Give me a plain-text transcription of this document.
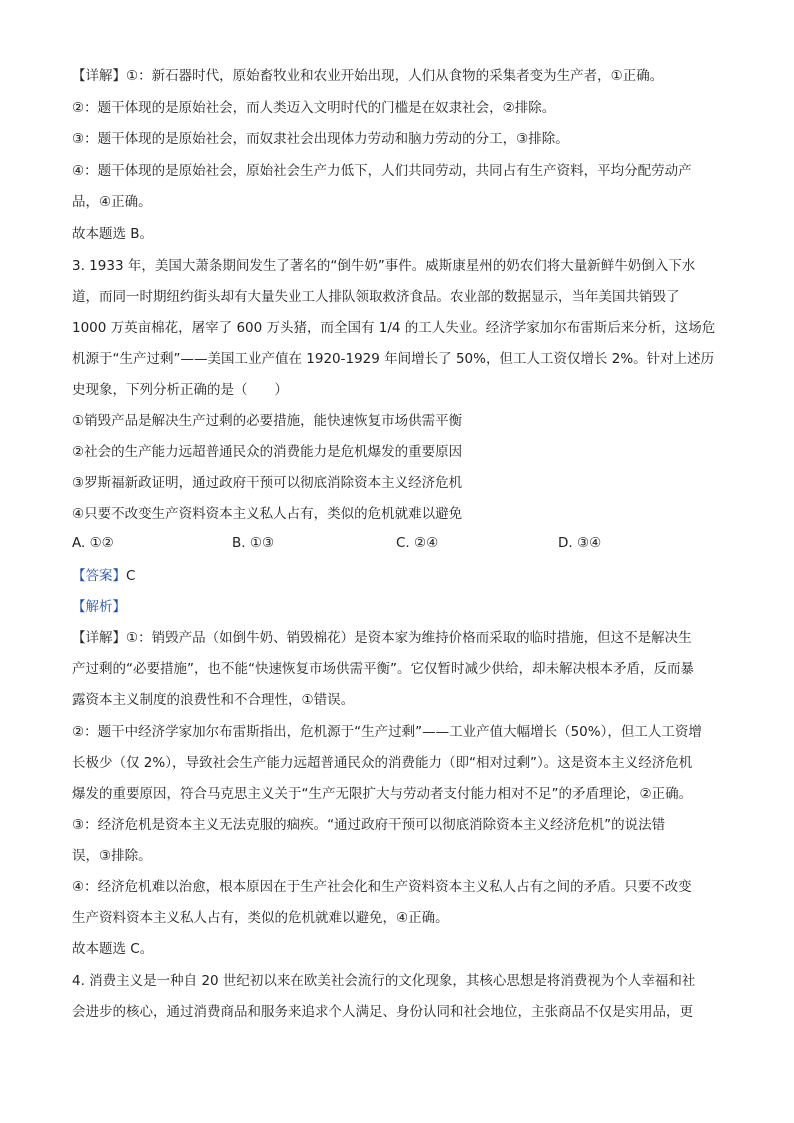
【详解】①：新石器时代，原始畜牧业和农业开始出现，人们从食物的采集者变为生产者，①正确。
②：题干体现的是原始社会，而人类迈入文明时代的门槛是在奴隶社会，②排除。
③：题干体现的是原始社会，而奴隶社会出现体力劳动和脑力劳动的分工，③排除。
④：题干体现的是原始社会，原始社会生产力低下，人们共同劳动，共同占有生产资料，平均分配劳动产
品，④正确。
故本题选 B。
3. 1933 年，美国大萧条期间发生了著名的“倒牛奶”事件。威斯康星州的奶农们将大量新鲜牛奶倒入下水
道，而同一时期纽约街头却有大量失业工人排队领取救济食品。农业部的数据显示，当年美国共销毁了
1000 万英亩棉花，屠宰了 600 万头猪，而全国有 1/4 的工人失业。经济学家加尔布雷斯后来分析，这场危
机源于“生产过剩”——美国工业产值在 1920-1929 年间增长了 50%，但工人工资仅增长 2%。针对上述历
史现象，下列分析正确的是（　　）
①销毁产品是解决生产过剩的必要措施，能快速恢复市场供需平衡
②社会的生产能力远超普通民众的消费能力是危机爆发的重要原因
③罗斯福新政证明，通过政府干预可以彻底消除资本主义经济危机
④只要不改变生产资料资本主义私人占有，类似的危机就难以避免
A. ①②	B. ①③	C. ②④	D. ③④
【答案】C
【解析】
【详解】①：销毁产品（如倒牛奶、销毁棉花）是资本家为维持价格而采取的临时措施，但这不是解决生
产过剩的“必要措施”，也不能“快速恢复市场供需平衡”。它仅暂时减少供给，却未解决根本矛盾，反而暴
露资本主义制度的浪费性和不合理性，①错误。
②：题干中经济学家加尔布雷斯指出，危机源于“生产过剩”——工业产值大幅增长（50%），但工人工资增
长极少（仅 2%），导致社会生产能力远超普通民众的消费能力（即“相对过剩”）。这是资本主义经济危机
爆发的重要原因，符合马克思主义关于“生产无限扩大与劳动者支付能力相对不足”的矛盾理论，②正确。
③：经济危机是资本主义无法克服的痼疾。“通过政府干预可以彻底消除资本主义经济危机”的说法错
误，③排除。
④：经济危机难以治愈，根本原因在于生产社会化和生产资料资本主义私人占有之间的矛盾。只要不改变
生产资料资本主义私人占有，类似的危机就难以避免，④正确。
故本题选 C。
4. 消费主义是一种自 20 世纪初以来在欧美社会流行的文化现象，其核心思想是将消费视为个人幸福和社
会进步的核心，通过消费商品和服务来追求个人满足、身份认同和社会地位，主张商品不仅是实用品，更
